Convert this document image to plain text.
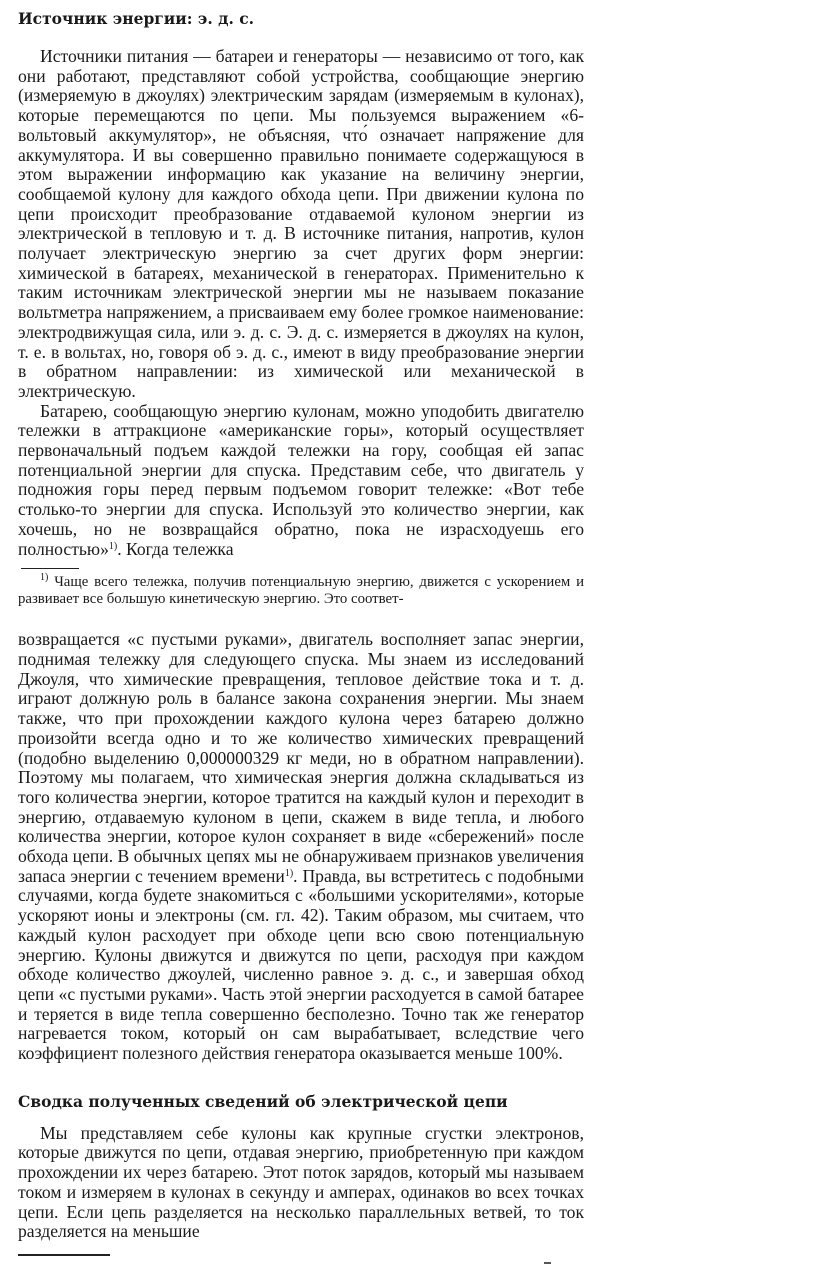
Источник энергии: э. д. с.

Источники питания — батареи и генераторы — независимо от того, как они работают, представляют собой устройства, сообщающие энергию (измеряемую в джоулях) электрическим зарядам (измеряемым в кулонах), которые перемещаются по цепи. Мы пользуемся выражением «6-вольтовый аккумулятор», не объясняя, что́ означает напряжение для аккумулятора. И вы совершенно правильно понимаете содержащуюся в этом выражении информацию как указание на величину энергии, сообщаемой кулону для каждого обхода цепи. При движении кулона по цепи происходит преобразование отдаваемой кулоном энергии из электрической в тепловую и т. д. В источнике питания, напротив, кулон получает электрическую энергию за счет других форм энергии: химической в батареях, механической в генераторах. Применительно к таким источникам электрической энергии мы не называем показание вольтметра напряжением, а присваиваем ему более громкое наименование: электродвижущая сила, или э. д. с. Э. д. с. измеряется в джоулях на кулон, т. е. в вольтах, но, говоря об э. д. с., имеют в виду преобразование энергии в обратном направлении: из химической или механической в электрическую.

Батарею, сообщающую энергию кулонам, можно уподобить двигателю тележки в аттракционе «американские горы», который осуществляет первоначальный подъем каждой тележки на гору, сообщая ей запас потенциальной энергии для спуска. Представим себе, что двигатель у подножия горы перед первым подъемом говорит тележке: «Вот тебе столько-то энергии для спуска. Используй это количество энергии, как хочешь, но не возвращайся обратно, пока не израсходуешь его полностью»$^{1)}$. Когда тележка

$^{1)}$ Чаще всего тележка, получив потенциальную энергию, движется с ускорением и развивает все большую кинетическую энергию. Это соответ-

возвращается «с пустыми руками», двигатель восполняет запас энергии, поднимая тележку для следующего спуска. Мы знаем из исследований Джоуля, что химические превращения, тепловое действие тока и т. д. играют должную роль в балансе закона сохранения энергии. Мы знаем также, что при прохождении каждого кулона через батарею должно произойти всегда одно и то же количество химических превращений (подобно выделению 0,000000329 кг меди, но в обратном направлении). Поэтому мы полагаем, что химическая энергия должна складываться из того количества энергии, которое тратится на каждый кулон и переходит в энергию, отдаваемую кулоном в цепи, скажем в виде тепла, и любого количества энергии, которое кулон сохраняет в виде «сбережений» после обхода цепи. В обычных цепях мы не обнаруживаем признаков увеличения запаса энергии с течением времени$^{1)}$. Правда, вы встретитесь с подобными случаями, когда будете знакомиться с «большими ускорителями», которые ускоряют ионы и электроны (см. гл. 42). Таким образом, мы считаем, что каждый кулон расходует при обходе цепи всю свою потенциальную энергию. Кулоны движутся и движутся по цепи, расходуя при каждом обходе количество джоулей, численно равное э. д. с., и завершая обход цепи «с пустыми руками». Часть этой энергии расходуется в самой батарее и теряется в виде тепла совершенно бесполезно. Точно так же генератор нагревается током, который он сам вырабатывает, вследствие чего коэффициент полезного действия генератора оказывается меньше 100%.

Сводка полученных сведений об электрической цепи

Мы представляем себе кулоны как крупные сгустки электронов, которые движутся по цепи, отдавая энергию, приобретенную при каждом прохождении их через батарею. Этот поток зарядов, который мы называем током и измеряем в кулонах в секунду и амперах, одинаков во всех точках цепи. Если цепь разделяется на несколько параллельных ветвей, то ток разделяется на меньшие
